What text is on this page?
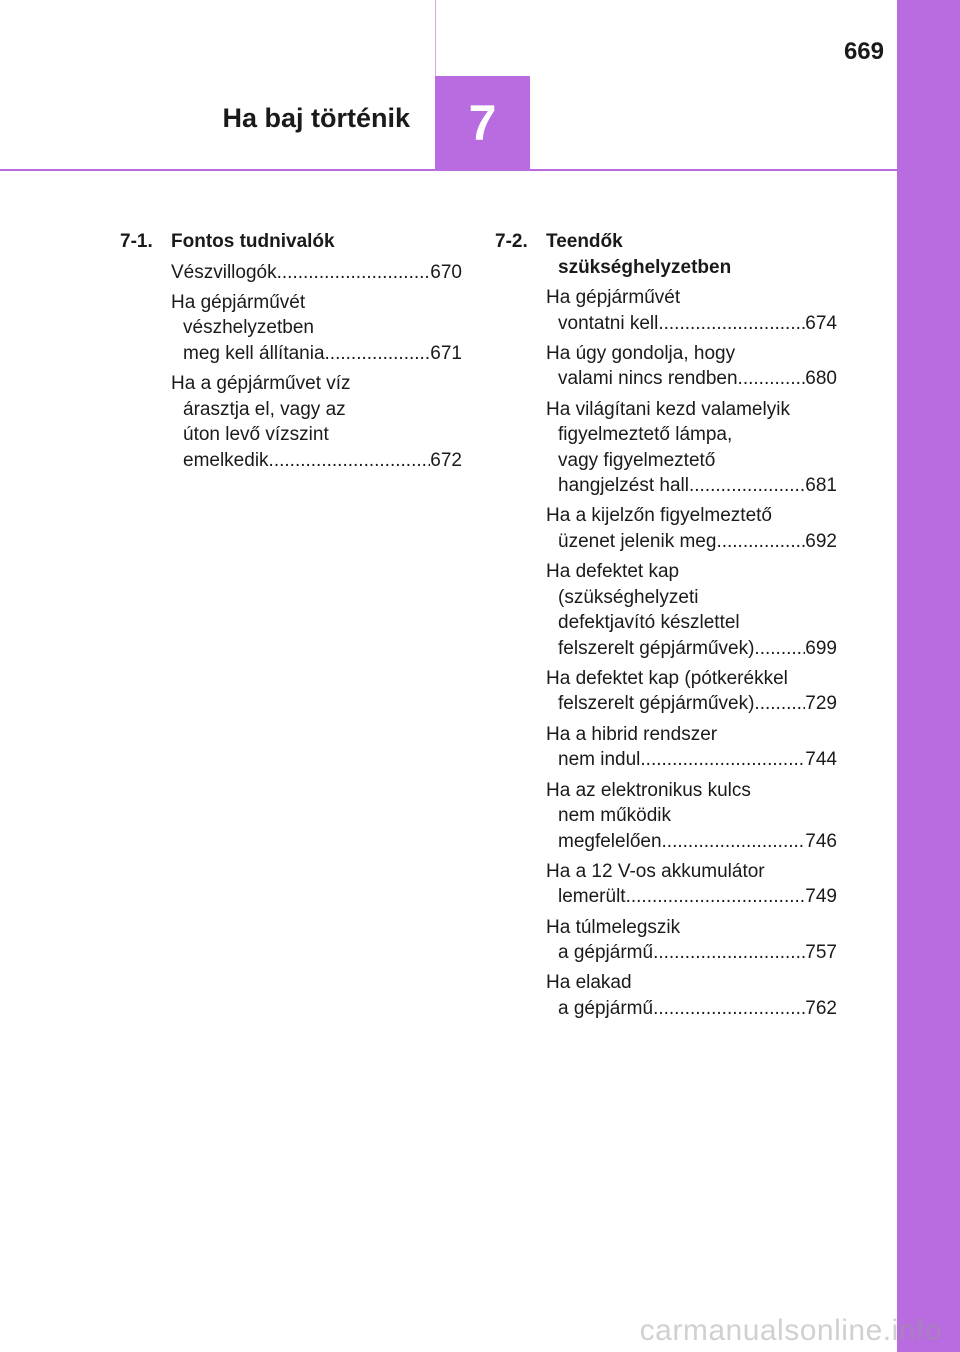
Ha baj történik 7
669
7-1. Fontos tudnivalók
Vészvillogók .....	670
Ha gépjárművét
vészhelyzetben
meg kell állítania .....	671
Ha a gépjárművet víz
árasztja el, vagy az
úton levő vízszint
emelkedik .....	672
7-2. Teendők
szükséghelyzetben
Ha gépjárművét
vontatni kell .....	674
Ha úgy gondolja, hogy
valami nincs rendben .....	680
Ha világítani kezd valamelyik
figyelmeztető lámpa,
vagy figyelmeztető
hangjelzést hall .....	681
Ha a kijelzőn figyelmeztető
üzenet jelenik meg .....	692
Ha defektet kap
(szükséghelyzeti
defektjavító készlettel
felszerelt gépjárművek) .....	699
Ha defektet kap (pótkerékkel
felszerelt gépjárművek) .....	729
Ha a hibrid rendszer
nem indul .....	744
Ha az elektronikus kulcs
nem működik
megfelelően .....	746
Ha a 12 V-os akkumulátor
lemerült .....	749
Ha túlmelegszik
a gépjármű .....	757
Ha elakad
a gépjármű .....	762
carmanualsonline.info
